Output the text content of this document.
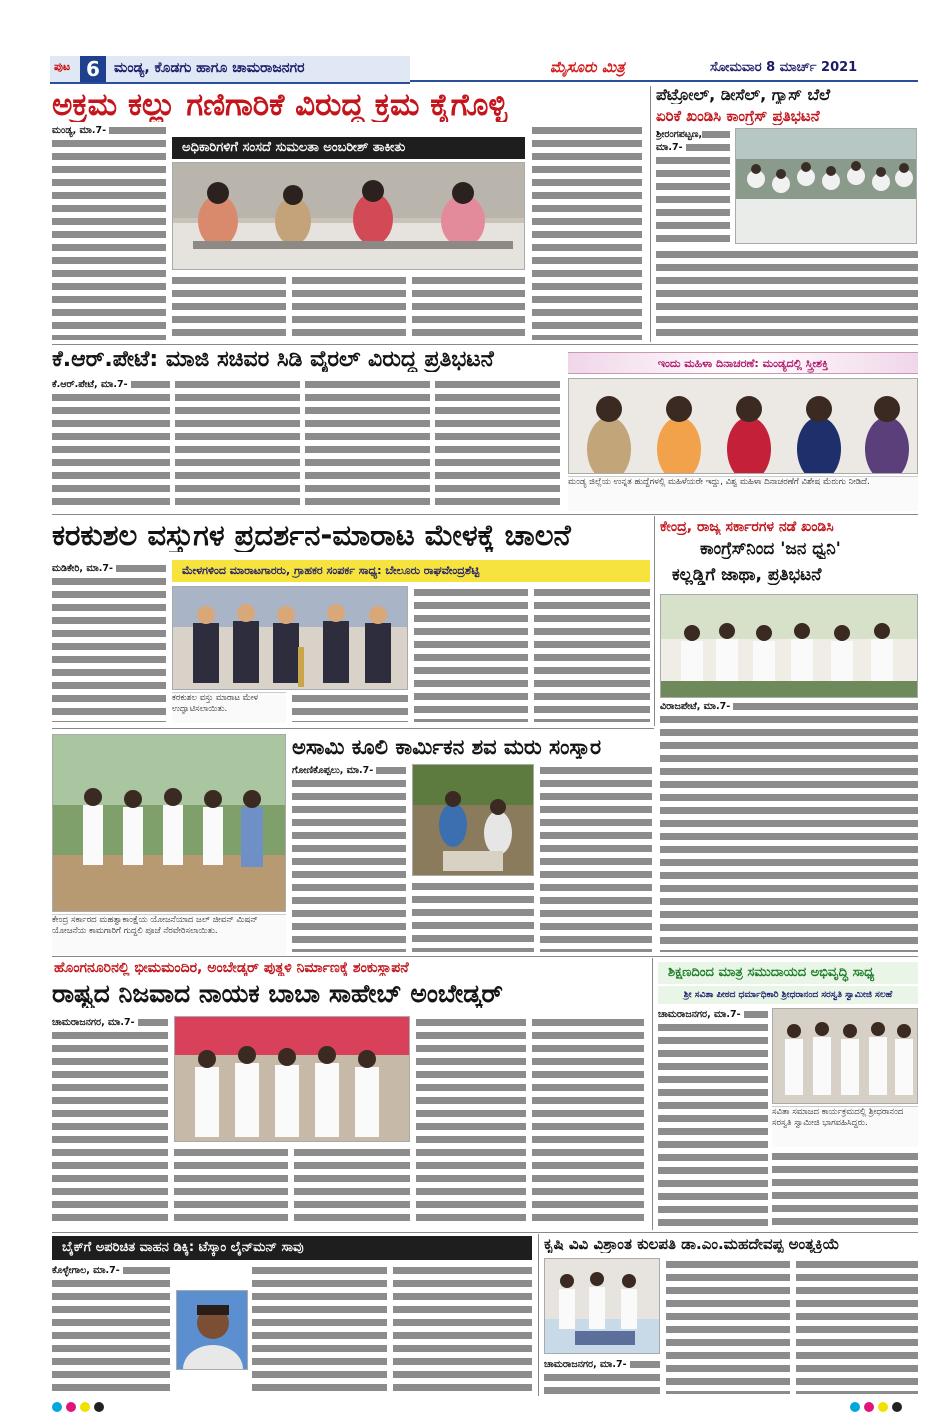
ಪುಟ 6	ಮಂಡ್ಯ, ಕೊಡಗು ಹಾಗೂ ಚಾಮರಾಜನಗರ	ಮೈಸೂರು ಮಿತ್ರ	ಸೋಮವಾರ 8 ಮಾರ್ಚ್ 2021
ಅಕ್ರಮ ಕಲ್ಲು ಗಣಿಗಾರಿಕೆ ವಿರುದ್ಧ ಕ್ರಮ ಕೈಗೊಳ್ಳಿ
ಅಧಿಕಾರಿಗಳಿಗೆ ಸಂಸದೆ ಸುಮಲತಾ ಅಂಬರೀಶ್ ತಾಕೀತು
ಮಂಡ್ಯ, ಮಾ.7-
ಪೆಟ್ರೋಲ್, ಡೀಸೆಲ್, ಗ್ಯಾಸ್ ಬೆಲೆ
ಏರಿಕೆ ಖಂಡಿಸಿ ಕಾಂಗ್ರೆಸ್ ಪ್ರತಿಭಟನೆ
ಶ್ರೀರಂಗಪಟ್ಟಣ, ಮಾ.7-
ಕೆ.ಆರ್.ಪೇಟೆ: ಮಾಜಿ ಸಚಿವರ ಸಿಡಿ ವೈರಲ್ ವಿರುದ್ಧ ಪ್ರತಿಭಟನೆ
ಕೆ.ಆರ್.ಪೇಟೆ, ಮಾ.7-
ಇಂದು ಮಹಿಳಾ ದಿನಾಚರಣೆ: ಮಂಡ್ಯದಲ್ಲಿ ಸ್ತ್ರೀಶಕ್ತಿ
ಮಂಡ್ಯ ಜಿಲ್ಲೆಯ ಉನ್ನತ ಹುದ್ದೆಗಳಲ್ಲಿ ಮಹಿಳೆಯರೇ ಇದ್ದು, ವಿಶ್ವ ಮಹಿಳಾ ದಿನಾಚರಣೆಗೆ ವಿಶೇಷ ಮೆರುಗು ನೀಡಿದೆ.
ಕರಕುಶಲ ವಸ್ತುಗಳ ಪ್ರದರ್ಶನ-ಮಾರಾಟ ಮೇಳಕ್ಕೆ ಚಾಲನೆ
ಮೇಳಗಳಿಂದ ಮಾರಾಟಗಾರರು, ಗ್ರಾಹಕರ ಸಂಪರ್ಕ ಸಾಧ್ಯ: ಬೇಲೂರು ರಾಘವೇಂದ್ರಶೆಟ್ಟಿ
ಮಡಿಕೇರಿ, ಮಾ.7-
ಕರಕುಶಲ ವಸ್ತು ಮಾರಾಟ ಮೇಳ ಉದ್ಘಾಟಿಸಲಾಯಿತು.
ಕೇಂದ್ರ, ರಾಜ್ಯ ಸರ್ಕಾರಗಳ ನಡೆ ಖಂಡಿಸಿ
ಕಾಂಗ್ರೆಸ್‌ನಿಂದ 'ಜನ ಧ್ವನಿ'
ಕಲ್ಲಡ್ಡಿಗೆ ಜಾಥಾ, ಪ್ರತಿಭಟನೆ
ವಿರಾಜಪೇಟೆ, ಮಾ.7-
ಕೇಂದ್ರ ಸರ್ಕಾರದ ಮಹತ್ವಾಕಾಂಕ್ಷೆಯ ಯೋಜನೆಯಾದ ಜಲ್ ಜೀವನ್ ಮಿಷನ್ ಯೋಜನೆಯ ಕಾಮಗಾರಿಗೆ ಗುದ್ದಲಿ ಪೂಜೆ ನೆರವೇರಿಸಲಾಯಿತು.
ಅಸಾಮಿ ಕೂಲಿ ಕಾರ್ಮಿಕನ ಶವ ಮರು ಸಂಸ್ಕಾರ
ಗೋಣಿಕೊಪ್ಪಲು, ಮಾ.7-
ಹೊಂಗನೂರಿನಲ್ಲಿ ಭೀಮಮಂದಿರ, ಅಂಬೇಡ್ಕರ್ ಪುತ್ಥಳಿ ನಿರ್ಮಾಣಕ್ಕೆ ಶಂಕುಸ್ಥಾಪನೆ
ರಾಷ್ಟ್ರದ ನಿಜವಾದ ನಾಯಕ ಬಾಬಾ ಸಾಹೇಬ್ ಅಂಬೇಡ್ಕರ್
ಚಾಮರಾಜನಗರ, ಮಾ.7-
ಶಿಕ್ಷಣದಿಂದ ಮಾತ್ರ ಸಮುದಾಯದ ಅಭಿವೃದ್ಧಿ ಸಾಧ್ಯ
ಶ್ರೀ ಸವಿತಾ ಪೀಠದ ಧರ್ಮಾಧಿಕಾರಿ ಶ್ರೀಧರಾನಂದ ಸರಸ್ವತಿ ಸ್ವಾಮೀಜಿ ಸಲಹೆ
ಚಾಮರಾಜನಗರ, ಮಾ.7-
ಸವಿತಾ ಸಮಾಜದ ಕಾರ್ಯಕ್ರಮದಲ್ಲಿ ಶ್ರೀಧರಾನಂದ ಸರಸ್ವತಿ ಸ್ವಾಮೀಜಿ ಭಾಗವಹಿಸಿದ್ದರು.
ಬೈಕ್‌ಗೆ ಅಪರಿಚಿತ ವಾಹನ ಡಿಕ್ಕಿ: ಟೆಸ್ಕಾಂ ಲೈನ್‌ಮನ್ ಸಾವು
ಕೊಳ್ಳೇಗಾಲ, ಮಾ.7-
ಕೃಷಿ ವಿವಿ ವಿಶ್ರಾಂತ ಕುಲಪತಿ ಡಾ.ಎಂ.ಮಹದೇವಪ್ಪ ಅಂತ್ಯಕ್ರಿಯೆ
ಚಾಮರಾಜನಗರ, ಮಾ.7-
